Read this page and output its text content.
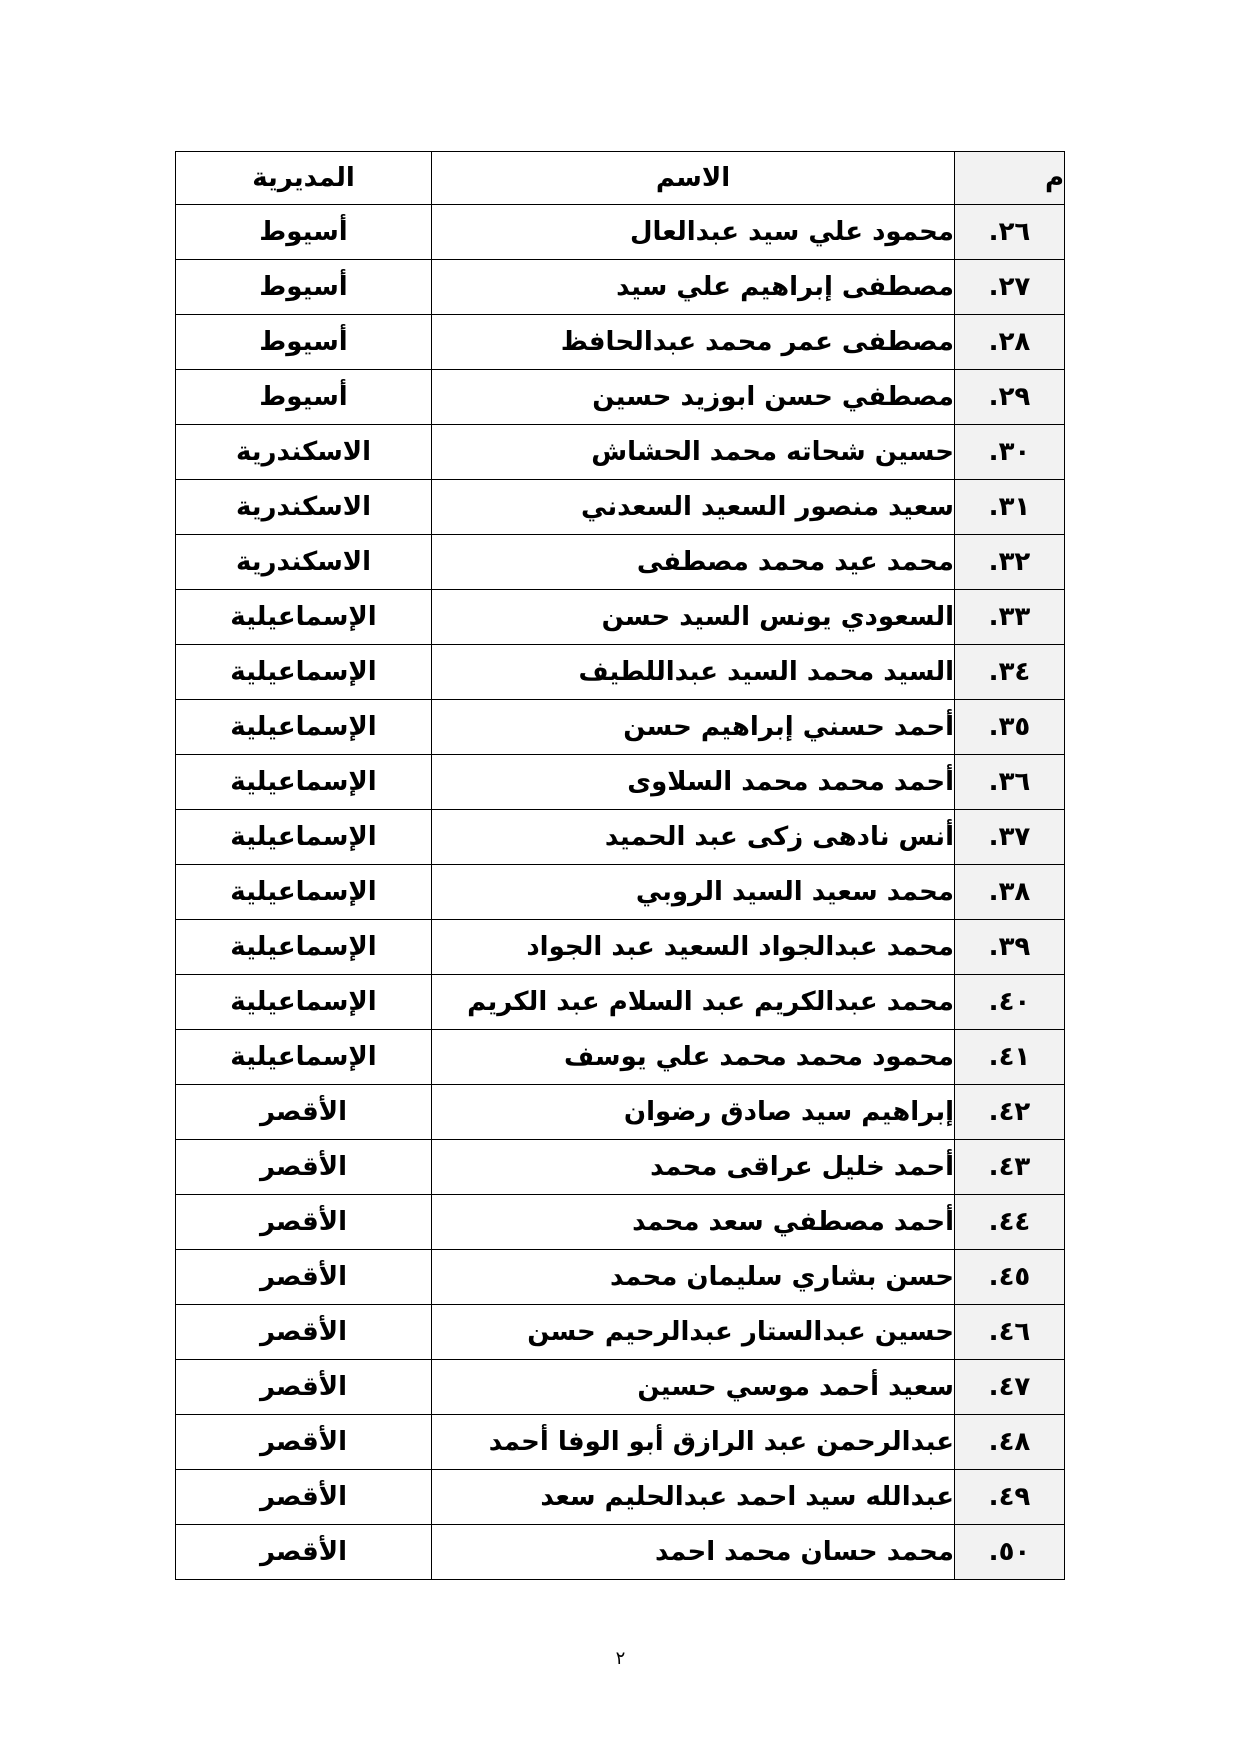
م	الاسم	المديرية
٢٦.	محمود علي سيد عبدالعال	أسيوط
٢٧.	مصطفى إبراهيم علي سيد	أسيوط
٢٨.	مصطفى عمر محمد عبدالحافظ	أسيوط
٢٩.	مصطفي حسن ابوزيد حسين	أسيوط
٣٠.	حسين شحاته محمد الحشاش	الاسكندرية
٣١.	سعيد منصور السعيد السعدني	الاسكندرية
٣٢.	محمد عيد محمد مصطفى	الاسكندرية
٣٣.	السعودي يونس السيد حسن	الإسماعيلية
٣٤.	السيد محمد السيد عبداللطيف	الإسماعيلية
٣٥.	أحمد حسني إبراهيم حسن	الإسماعيلية
٣٦.	أحمد محمد محمد السلاوى	الإسماعيلية
٣٧.	أنس نادهى زكى عبد الحميد	الإسماعيلية
٣٨.	محمد سعيد السيد الروبي	الإسماعيلية
٣٩.	محمد عبدالجواد السعيد عبد الجواد	الإسماعيلية
٤٠.	محمد عبدالكريم عبد السلام عبد الكريم	الإسماعيلية
٤١.	محمود محمد محمد علي يوسف	الإسماعيلية
٤٢.	إبراهيم سيد صادق رضوان	الأقصر
٤٣.	أحمد خليل عراقى محمد	الأقصر
٤٤.	أحمد مصطفي سعد محمد	الأقصر
٤٥.	حسن بشاري سليمان محمد	الأقصر
٤٦.	حسين عبدالستار عبدالرحيم حسن	الأقصر
٤٧.	سعيد أحمد موسي حسين	الأقصر
٤٨.	عبدالرحمن عبد الرازق أبو الوفا أحمد	الأقصر
٤٩.	عبدالله سيد احمد عبدالحليم سعد	الأقصر
٥٠.	محمد حسان محمد احمد	الأقصر
٢
